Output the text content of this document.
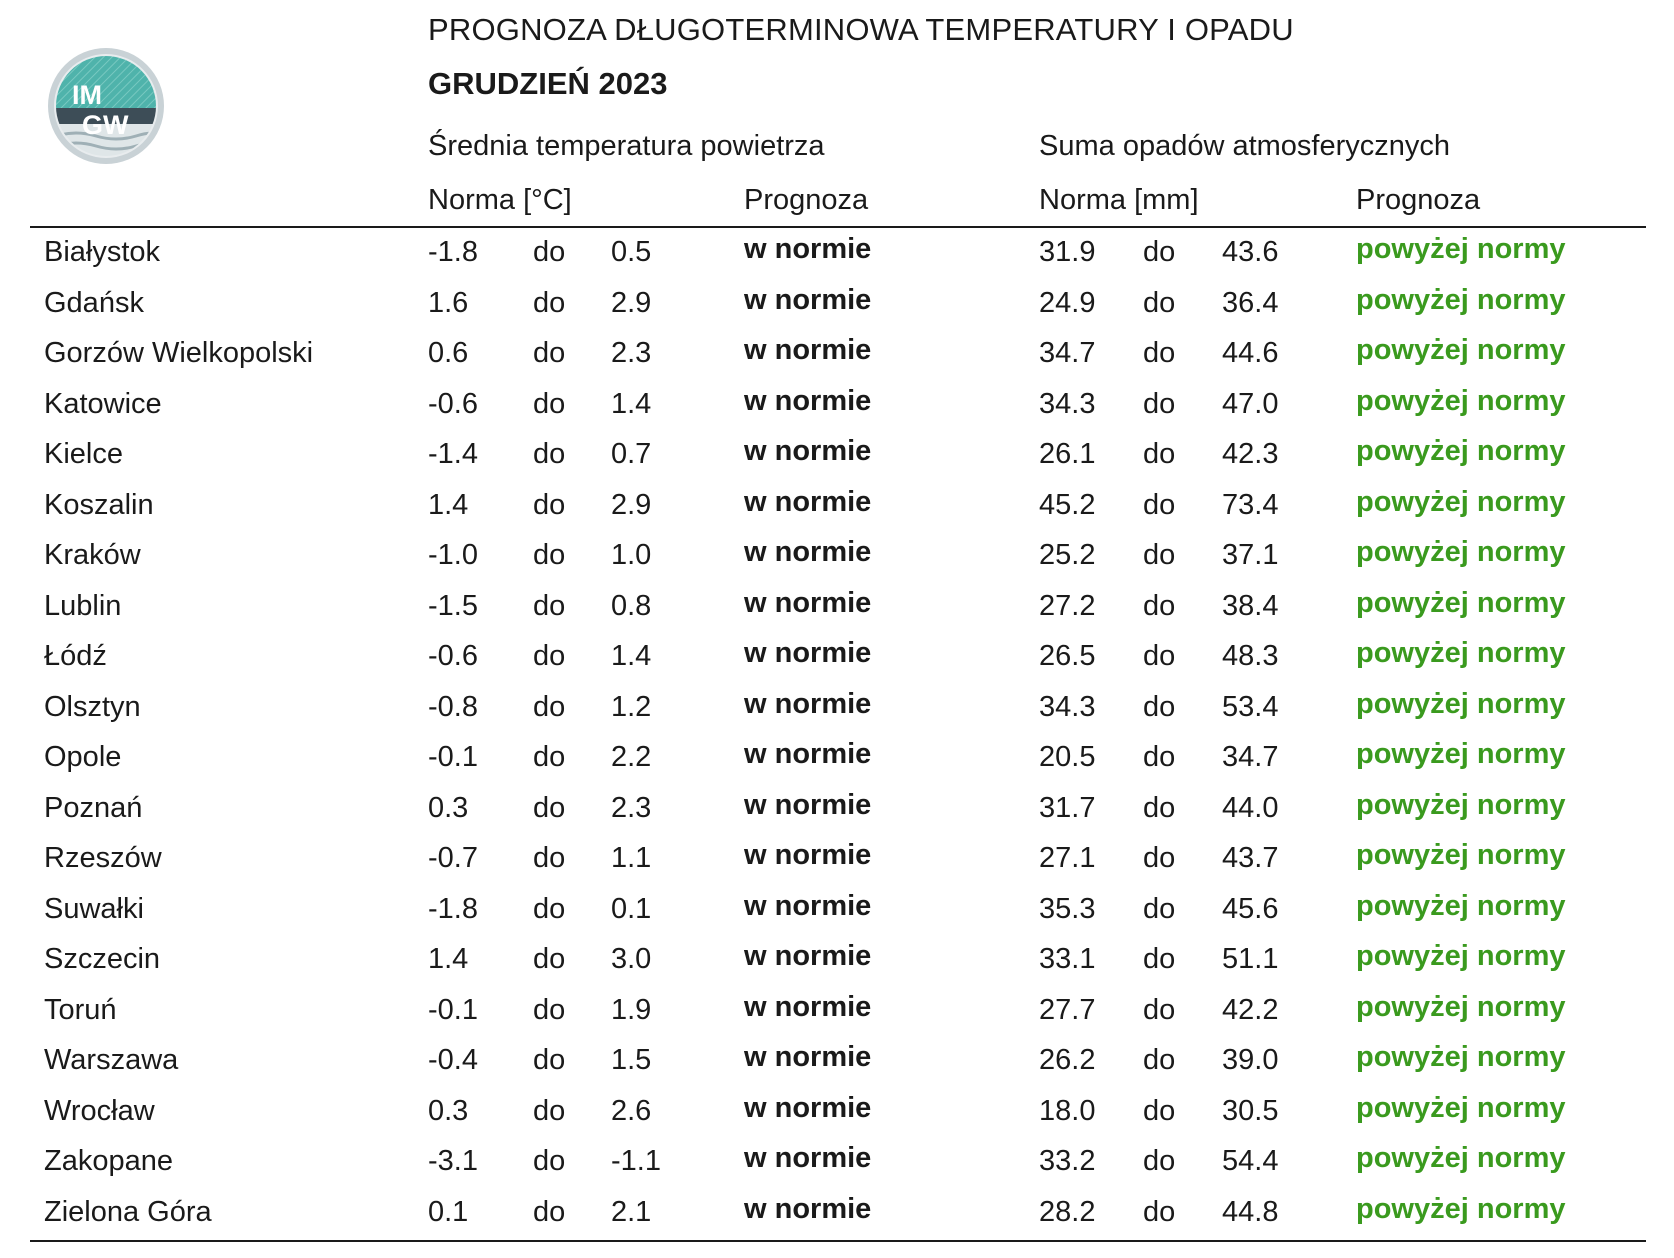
IM
GW
PROGNOZA DŁUGOTERMINOWA TEMPERATURY I OPADU
GRUDZIEŃ 2023
Średnia temperatura powietrza	Suma opadów atmosferycznych
Norma [°C]	Prognoza	Norma [mm]	Prognoza
Białystok	-1.8 do 0.5	w normie	31.9 do 43.6	powyżej normy
Gdańsk	1.6 do 2.9	w normie	24.9 do 36.4	powyżej normy
Gorzów Wielkopolski	0.6 do 2.3	w normie	34.7 do 44.6	powyżej normy
Katowice	-0.6 do 1.4	w normie	34.3 do 47.0	powyżej normy
Kielce	-1.4 do 0.7	w normie	26.1 do 42.3	powyżej normy
Koszalin	1.4 do 2.9	w normie	45.2 do 73.4	powyżej normy
Kraków	-1.0 do 1.0	w normie	25.2 do 37.1	powyżej normy
Lublin	-1.5 do 0.8	w normie	27.2 do 38.4	powyżej normy
Łódź	-0.6 do 1.4	w normie	26.5 do 48.3	powyżej normy
Olsztyn	-0.8 do 1.2	w normie	34.3 do 53.4	powyżej normy
Opole	-0.1 do 2.2	w normie	20.5 do 34.7	powyżej normy
Poznań	0.3 do 2.3	w normie	31.7 do 44.0	powyżej normy
Rzeszów	-0.7 do 1.1	w normie	27.1 do 43.7	powyżej normy
Suwałki	-1.8 do 0.1	w normie	35.3 do 45.6	powyżej normy
Szczecin	1.4 do 3.0	w normie	33.1 do 51.1	powyżej normy
Toruń	-0.1 do 1.9	w normie	27.7 do 42.2	powyżej normy
Warszawa	-0.4 do 1.5	w normie	26.2 do 39.0	powyżej normy
Wrocław	0.3 do 2.6	w normie	18.0 do 30.5	powyżej normy
Zakopane	-3.1 do -1.1	w normie	33.2 do 54.4	powyżej normy
Zielona Góra	0.1 do 2.1	w normie	28.2 do 44.8	powyżej normy
